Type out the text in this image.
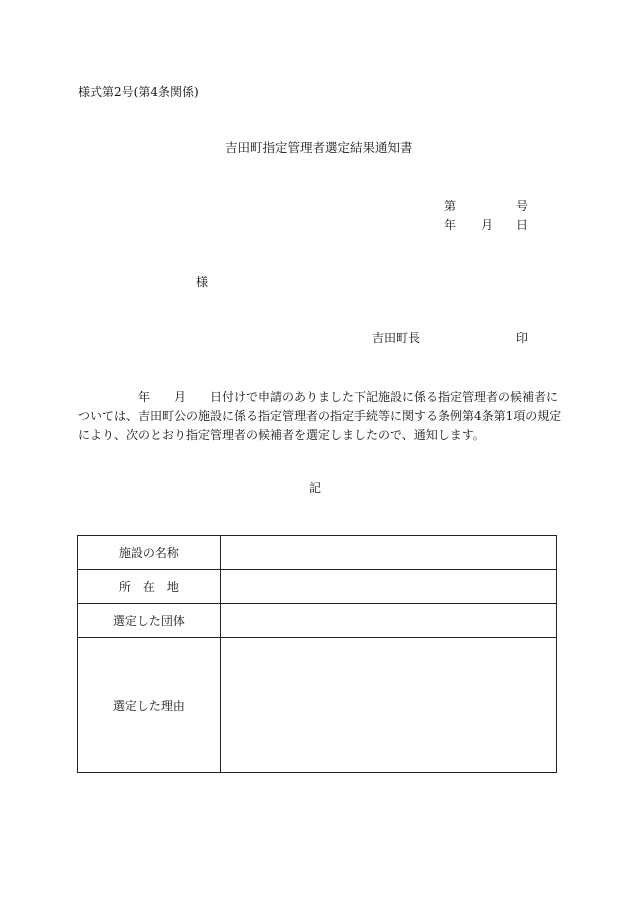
様式第2号(第4条関係)
吉田町指定管理者選定結果通知書
第	号
年 月 日
様
吉田町長	印
　　　　　年　　月　　日付けで申請のありました下記施設に係る指定管理者の候補者に
ついては、吉田町公の施設に係る指定管理者の指定手続等に関する条例第4条第1項の規定
により、次のとおり指定管理者の候補者を選定しましたので、通知します。
記
施設の名称	
所在地	
選定した団体	
選定した理由	
